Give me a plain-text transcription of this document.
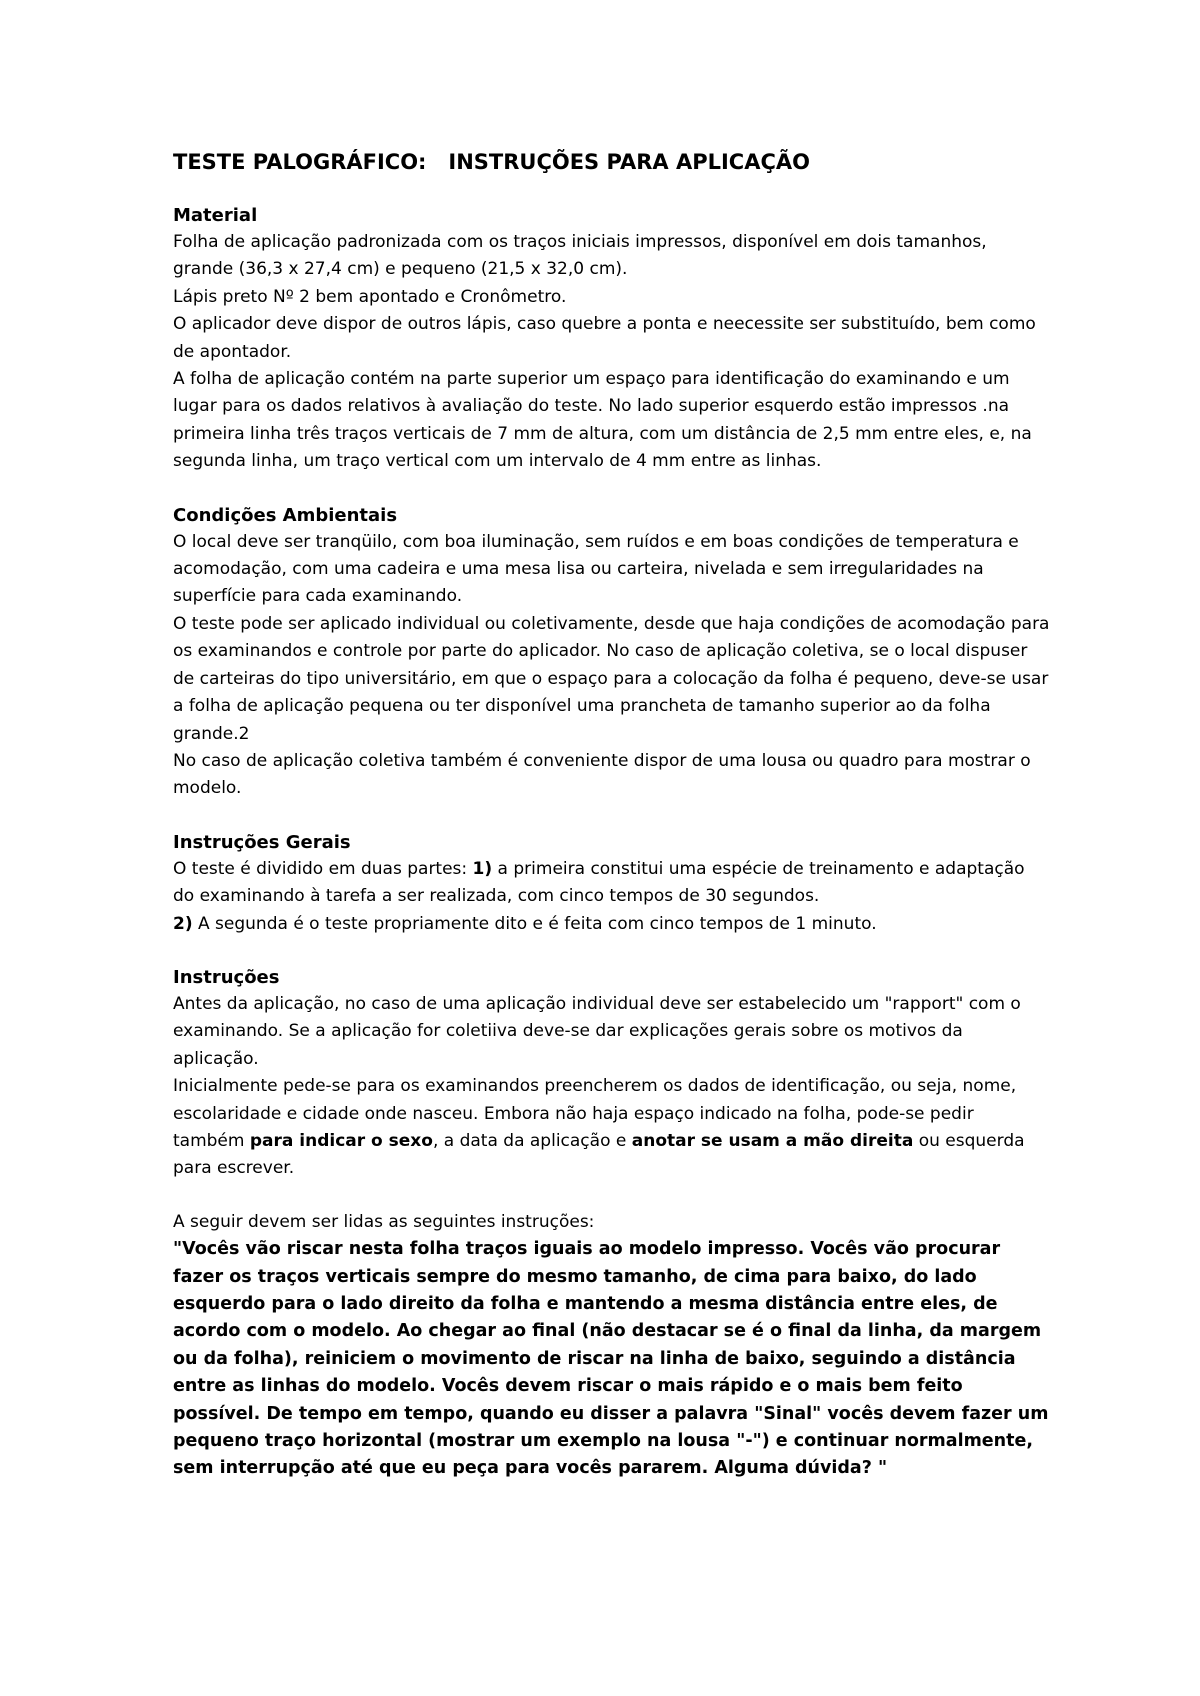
TESTE PALOGRÁFICO:   INSTRUÇÕES PARA APLICAÇÃO
Material

Folha de aplicação padronizada com os traços iniciais impressos, disponível em dois tamanhos, grande (36,3 x 27,4 cm) e pequeno (21,5 x 32,0 cm).

Lápis preto Nº 2 bem apontado e Cronômetro.

O aplicador deve dispor de outros lápis, caso quebre a ponta e neecessite ser substituído, bem como de apontador.

A folha de aplicação contém na parte superior um espaço para identificação do examinando e um lugar para os dados relativos à avaliação do teste. No lado superior esquerdo estão impressos .na primeira linha três traços verticais de 7 mm de altura, com um distância de 2,5 mm entre eles, e, na segunda linha, um traço vertical com um intervalo de 4 mm entre as linhas.

Condições Ambientais

O local deve ser tranqüilo, com boa iluminação, sem ruídos e em boas condições de temperatura e acomodação, com uma cadeira e uma mesa lisa ou carteira, nivelada e sem irregularidades na superfície para cada examinando.

O teste pode ser aplicado individual ou coletivamente, desde que haja condições de acomodação para os examinandos e controle por parte do aplicador. No caso de aplicação coletiva, se o local dispuser de carteiras do tipo universitário, em que o espaço para a colocação da folha é pequeno, deve-se usar a folha de aplicação pequena ou ter disponível uma prancheta de tamanho superior ao da folha grande.2

No caso de aplicação coletiva também é conveniente dispor de uma lousa ou quadro para mostrar o modelo.

Instruções Gerais

O teste é dividido em duas partes: 1) a primeira constitui uma espécie de treinamento e adaptação do examinando à tarefa a ser realizada, com cinco tempos de 30 segundos.

2) A segunda é o teste propriamente dito e é feita com cinco tempos de 1 minuto.

Instruções

Antes da aplicação, no caso de uma aplicação individual deve ser estabelecido um "rapport" com o examinando. Se a aplicação for coletiiva deve-se dar explicações gerais sobre os motivos da aplicação.

Inicialmente pede-se para os examinandos preencherem os dados de identificação, ou seja, nome, escolaridade e cidade onde nasceu. Embora não haja espaço indicado na folha, pode-se pedir também para indicar o sexo, a data da aplicação e anotar se usam a mão direita ou esquerda para escrever.

A seguir devem ser lidas as seguintes instruções:

"Vocês vão riscar nesta folha traços iguais ao modelo impresso. Vocês vão procurar fazer os traços verticais sempre do mesmo tamanho, de cima para baixo, do lado esquerdo para o lado direito da folha e mantendo a mesma distância entre eles, de acordo com o modelo. Ao chegar ao final (não destacar se é o final da linha, da margem ou da folha), reiniciem o movimento de riscar na linha de baixo, seguindo a distância entre as linhas do modelo. Vocês devem riscar o mais rápido e o mais bem feito possível. De tempo em tempo, quando eu disser a palavra "Sinal" vocês devem fazer um pequeno traço horizontal (mostrar um exemplo na lousa "-") e continuar normalmente, sem interrupção até que eu peça para vocês pararem. Alguma dúvida? "
